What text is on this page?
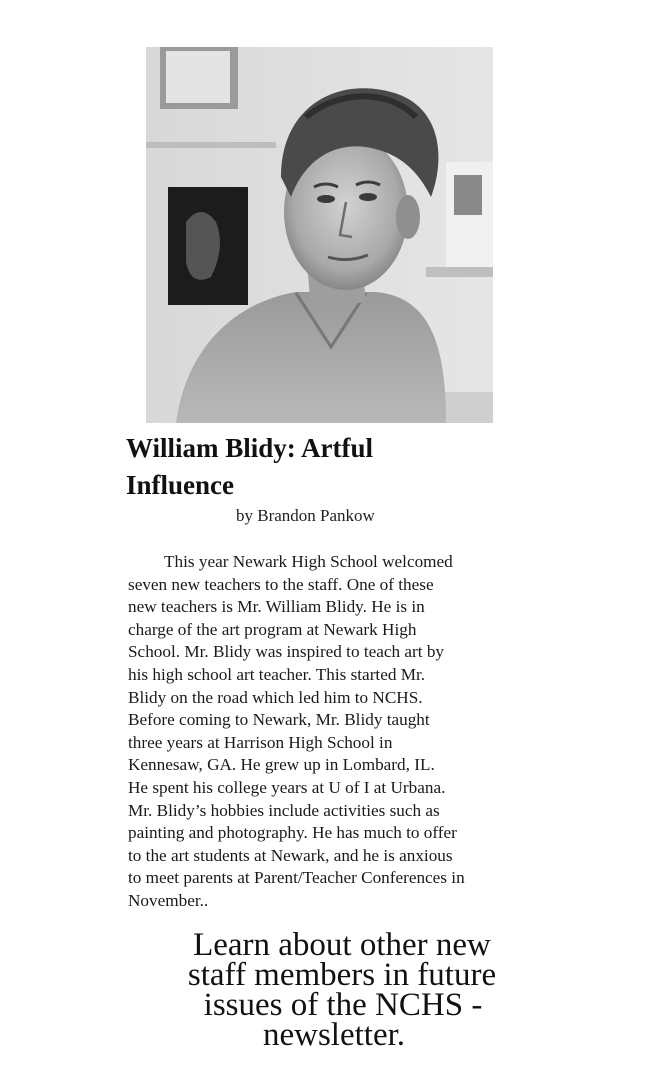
William Blidy: Artful
Influence
by Brandon Pankow
This year Newark High School welcomed
seven new teachers to the staff. One of these
new teachers is Mr. William Blidy. He is in
charge of the art program at Newark High
School. Mr. Blidy was inspired to teach art by
his high school art teacher. This started Mr.
Blidy on the road which led him to NCHS.
Before coming to Newark, Mr. Blidy taught
three years at Harrison High School in
Kennesaw, GA. He grew up in Lombard, IL.
He spent his college years at U of I at Urbana.
Mr. Blidy’s hobbies include activities such as
painting and photography. He has much to offer
to the art students at Newark, and he is anxious
to meet parents at Parent/Teacher Conferences in
November..
Learn about other new
staff members in future
issues of the NCHS -
newsletter.
